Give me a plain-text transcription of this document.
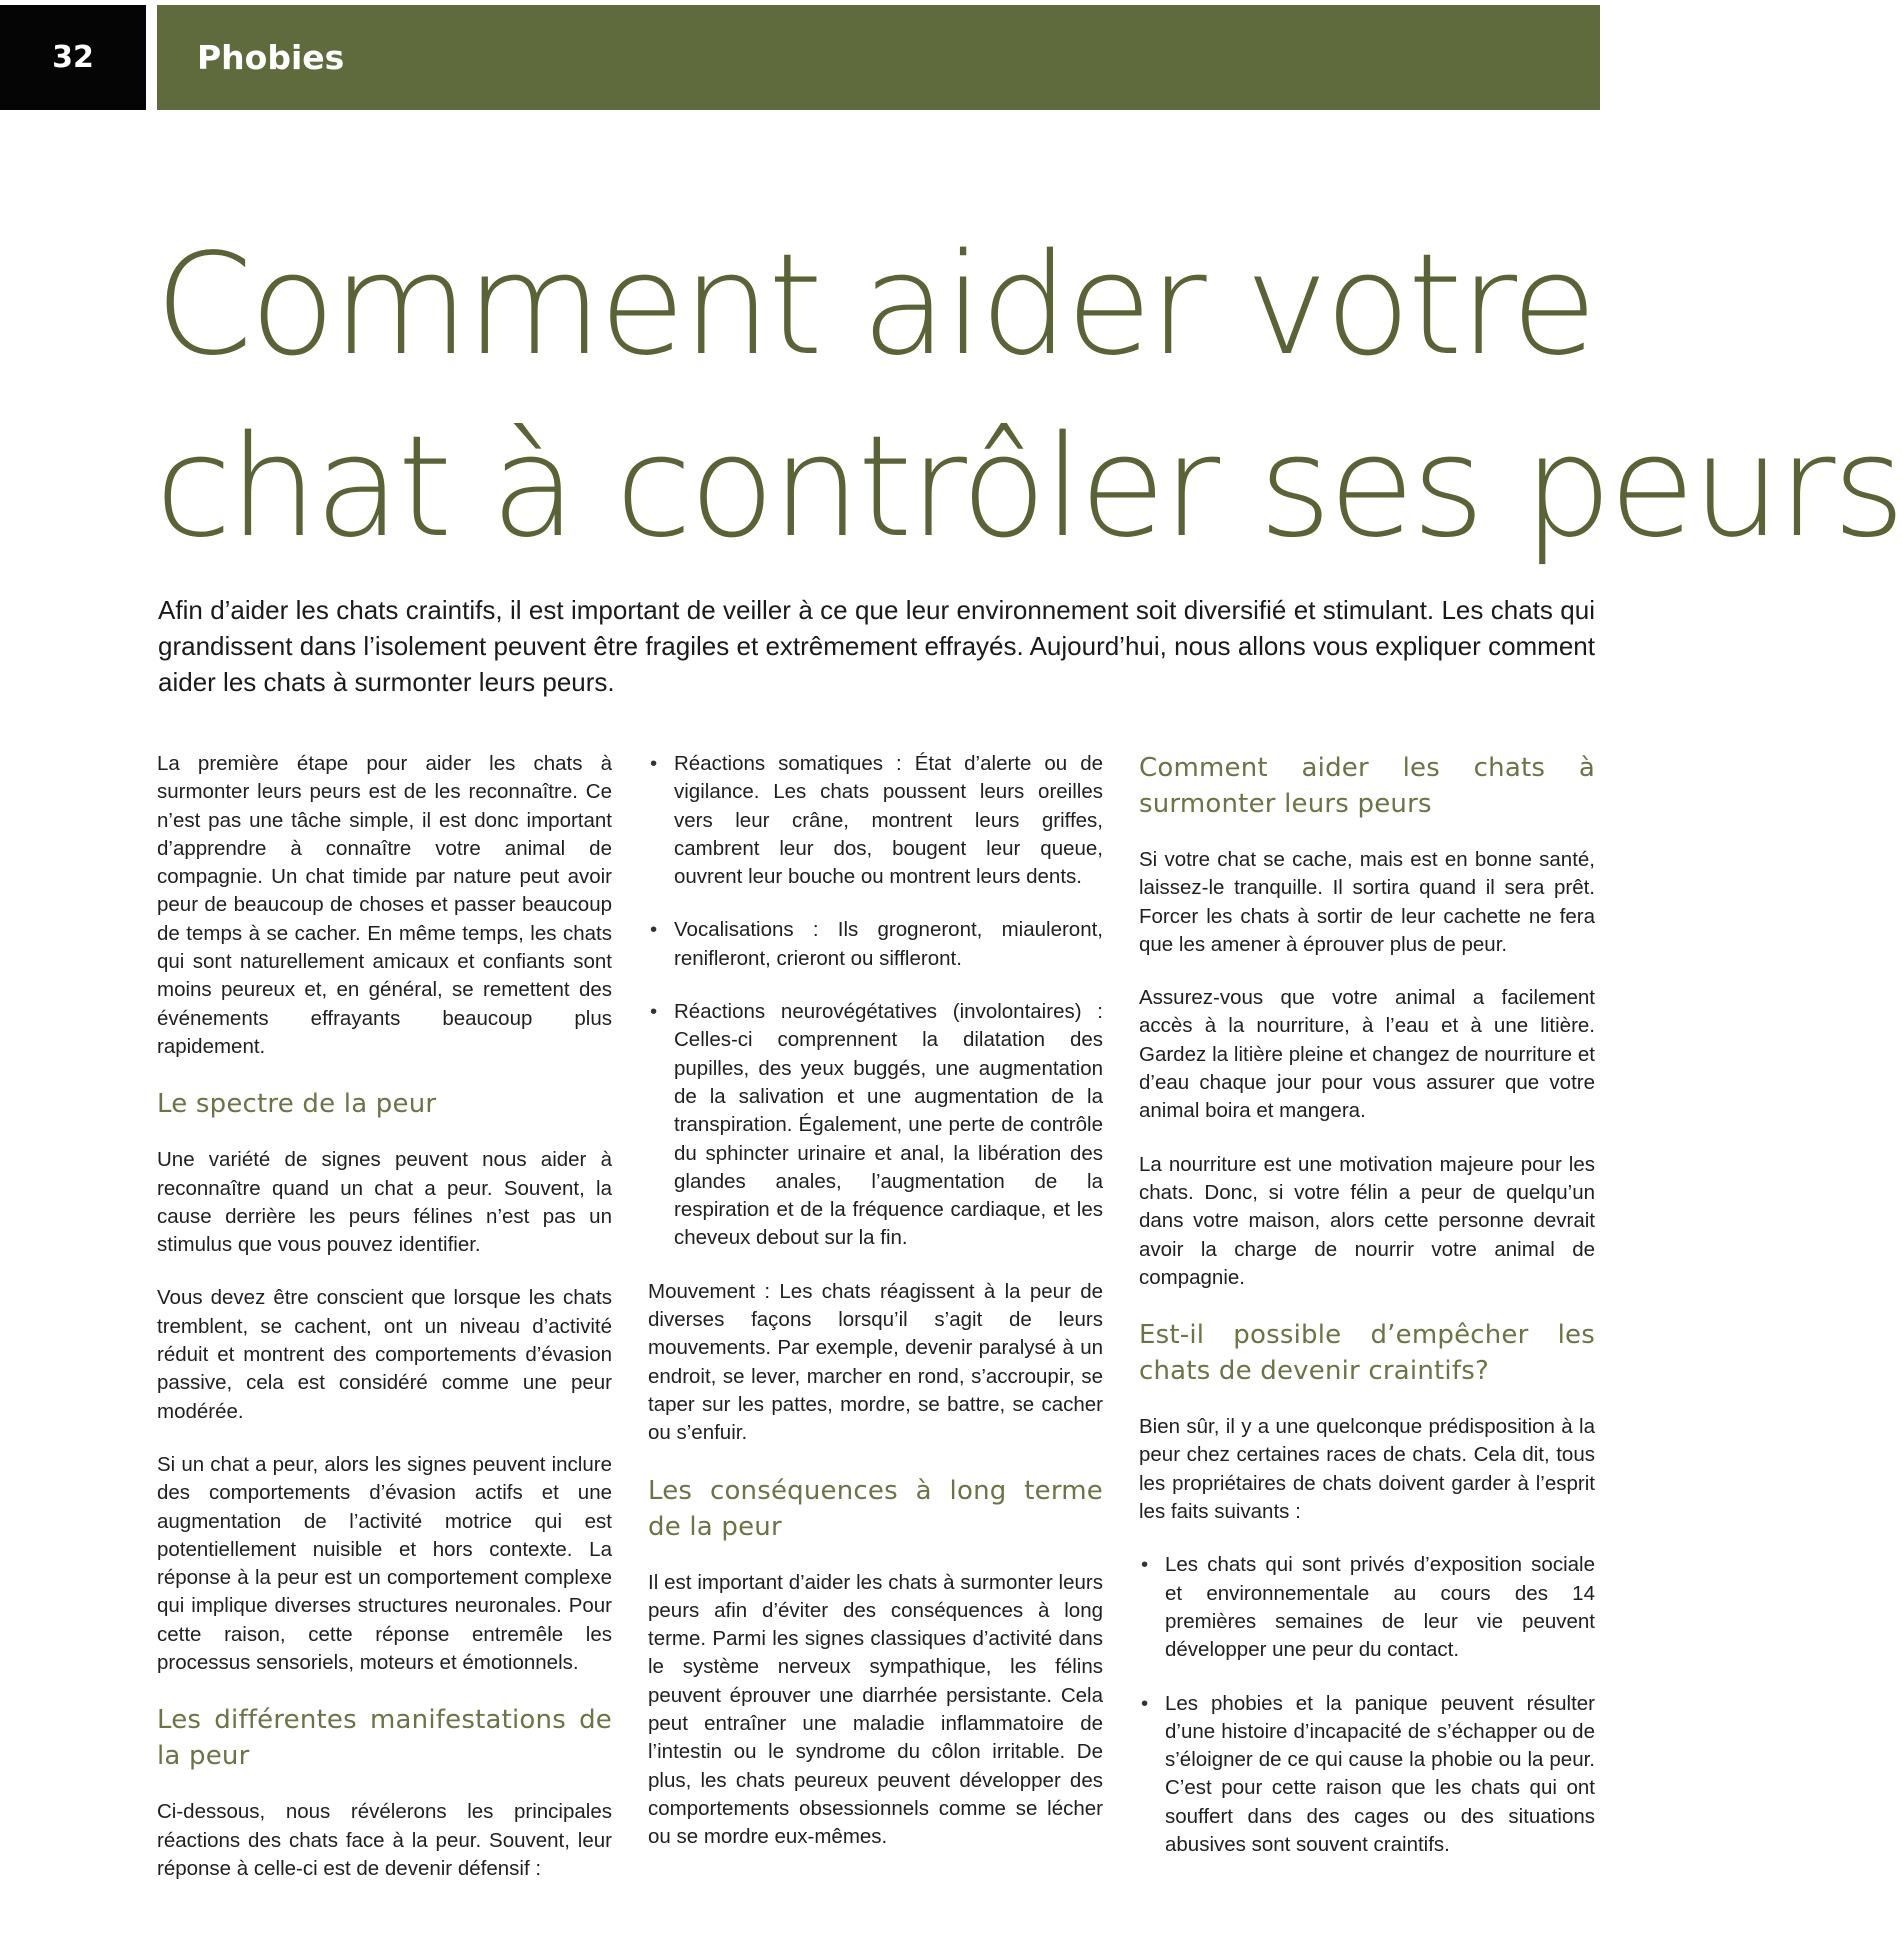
32	Phobies
Comment aider votre
chat à contrôler ses peurs

Afin d’aider les chats craintifs, il est important de veiller à ce que leur environnement soit diversifié et stimulant. Les chats qui grandissent dans l’isolement peuvent être fragiles et extrêmement effrayés. Aujourd’hui, nous allons vous expliquer comment aider les chats à surmonter leurs peurs.

La première étape pour aider les chats à surmonter leurs peurs est de les reconnaître. Ce n’est pas une tâche simple, il est donc important d’apprendre à connaître votre animal de compagnie. Un chat timide par nature peut avoir peur de beaucoup de choses et passer beaucoup de temps à se cacher. En même temps, les chats qui sont naturellement amicaux et confiants sont moins peureux et, en général, se remettent des événements effrayants beaucoup plus rapidement.

Le spectre de la peur

Une variété de signes peuvent nous aider à reconnaître quand un chat a peur. Souvent, la cause derrière les peurs félines n’est pas un stimulus que vous pouvez identifier.

Vous devez être conscient que lorsque les chats tremblent, se cachent, ont un niveau d’activité réduit et montrent des comportements d’évasion passive, cela est considéré comme une peur modérée.

Si un chat a peur, alors les signes peuvent inclure des comportements d’évasion actifs et une augmentation de l’activité motrice qui est potentiellement nuisible et hors contexte. La réponse à la peur est un comportement complexe qui implique diverses structures neuronales. Pour cette raison, cette réponse entremêle les processus sensoriels, moteurs et émotionnels.

Les différentes manifestations de la peur

Ci-dessous, nous révélerons les principales réactions des chats face à la peur. Souvent, leur réponse à celle-ci est de devenir défensif :

• Réactions somatiques : État d’alerte ou de vigilance. Les chats poussent leurs oreilles vers leur crâne, montrent leurs griffes, cambrent leur dos, bougent leur queue, ouvrent leur bouche ou montrent leurs dents.
• Vocalisations : Ils grogneront, miauleront, renifleront, crieront ou siffleront.
• Réactions neurovégétatives (involontaires) : Celles-ci comprennent la dilatation des pupilles, des yeux buggés, une augmentation de la salivation et une augmentation de la transpiration. Également, une perte de contrôle du sphincter urinaire et anal, la libération des glandes anales, l’augmentation de la respiration et de la fréquence cardiaque, et les cheveux debout sur la fin.

Mouvement : Les chats réagissent à la peur de diverses façons lorsqu’il s’agit de leurs mouvements. Par exemple, devenir paralysé à un endroit, se lever, marcher en rond, s’accroupir, se taper sur les pattes, mordre, se battre, se cacher ou s’enfuir.

Les conséquences à long terme de la peur

Il est important d’aider les chats à surmonter leurs peurs afin d’éviter des conséquences à long terme. Parmi les signes classiques d’activité dans le système nerveux sympathique, les félins peuvent éprouver une diarrhée persistante. Cela peut entraîner une maladie inflammatoire de l’intestin ou le syndrome du côlon irritable. De plus, les chats peureux peuvent développer des comportements obsessionnels comme se lécher ou se mordre eux-mêmes.

Comment aider les chats à surmonter leurs peurs

Si votre chat se cache, mais est en bonne santé, laissez-le tranquille. Il sortira quand il sera prêt. Forcer les chats à sortir de leur cachette ne fera que les amener à éprouver plus de peur.

Assurez-vous que votre animal a facilement accès à la nourriture, à l’eau et à une litière. Gardez la litière pleine et changez de nourriture et d’eau chaque jour pour vous assurer que votre animal boira et mangera.

La nourriture est une motivation majeure pour les chats. Donc, si votre félin a peur de quelqu’un dans votre maison, alors cette personne devrait avoir la charge de nourrir votre animal de compagnie.

Est-il possible d’empêcher les chats de devenir craintifs?

Bien sûr, il y a une quelconque prédisposition à la peur chez certaines races de chats. Cela dit, tous les propriétaires de chats doivent garder à l’esprit les faits suivants :

• Les chats qui sont privés d’exposition sociale et environnementale au cours des 14 premières semaines de leur vie peuvent développer une peur du contact.
• Les phobies et la panique peuvent résulter d’une histoire d’incapacité de s’échapper ou de s’éloigner de ce qui cause la phobie ou la peur. C’est pour cette raison que les chats qui ont souffert dans des cages ou des situations abusives sont souvent craintifs.
